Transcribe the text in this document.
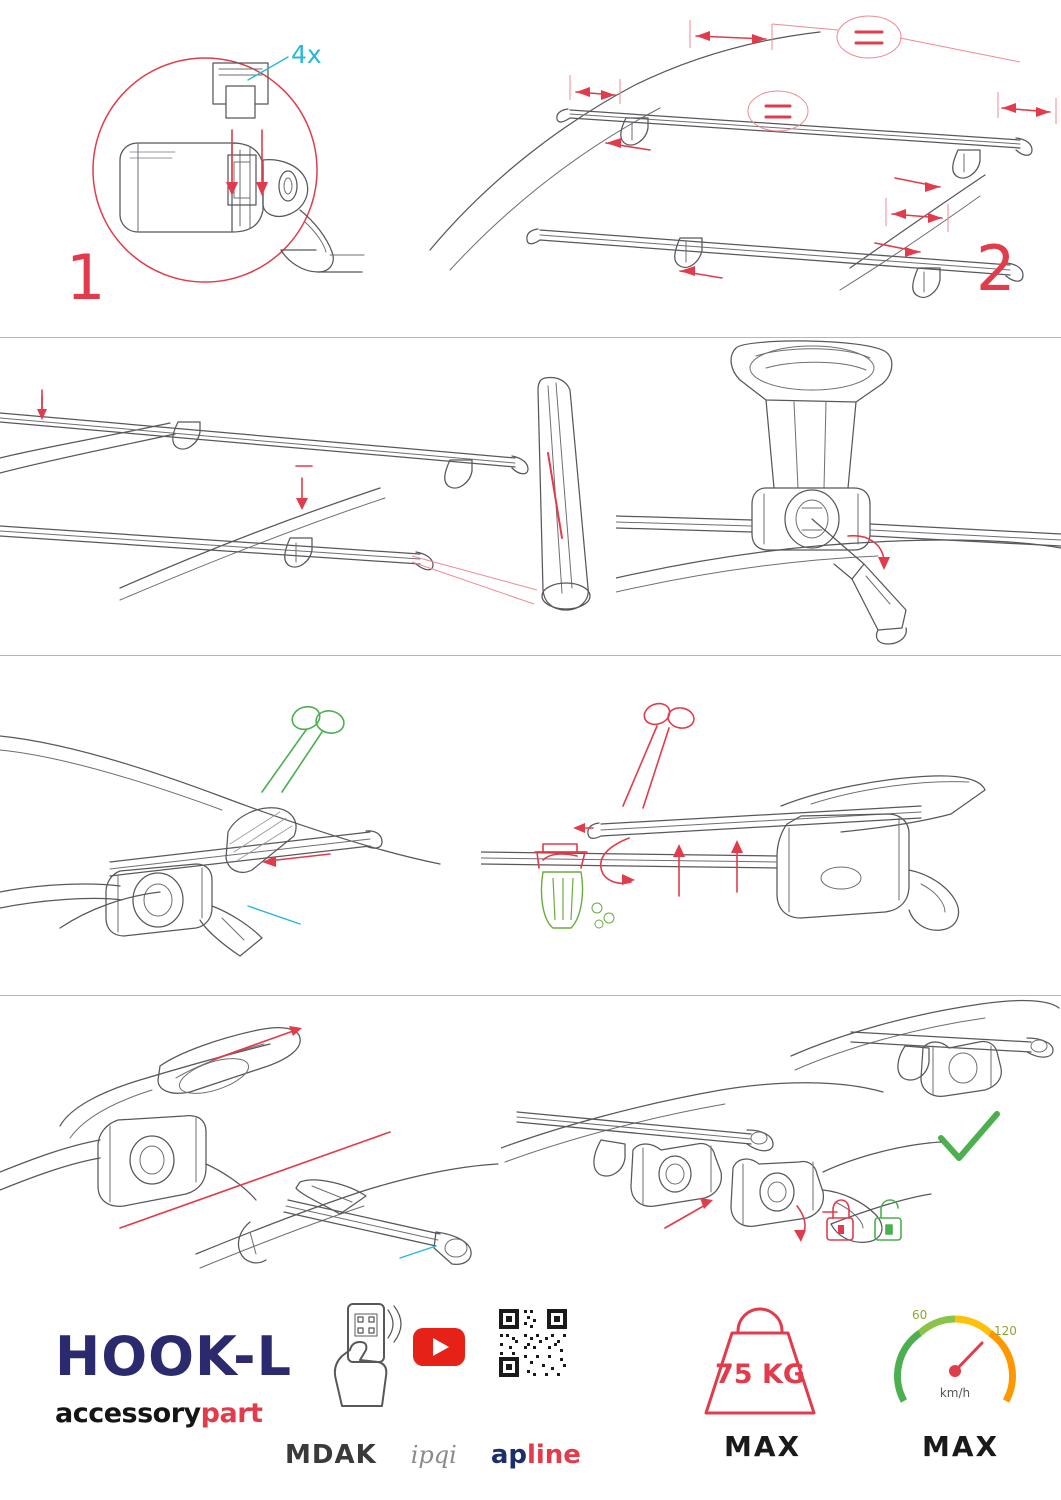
4x
1	2
HOOK-L
accessorypart
MDAK ipqi apline
75 KG
MAX
60
120
km/h
MAX
